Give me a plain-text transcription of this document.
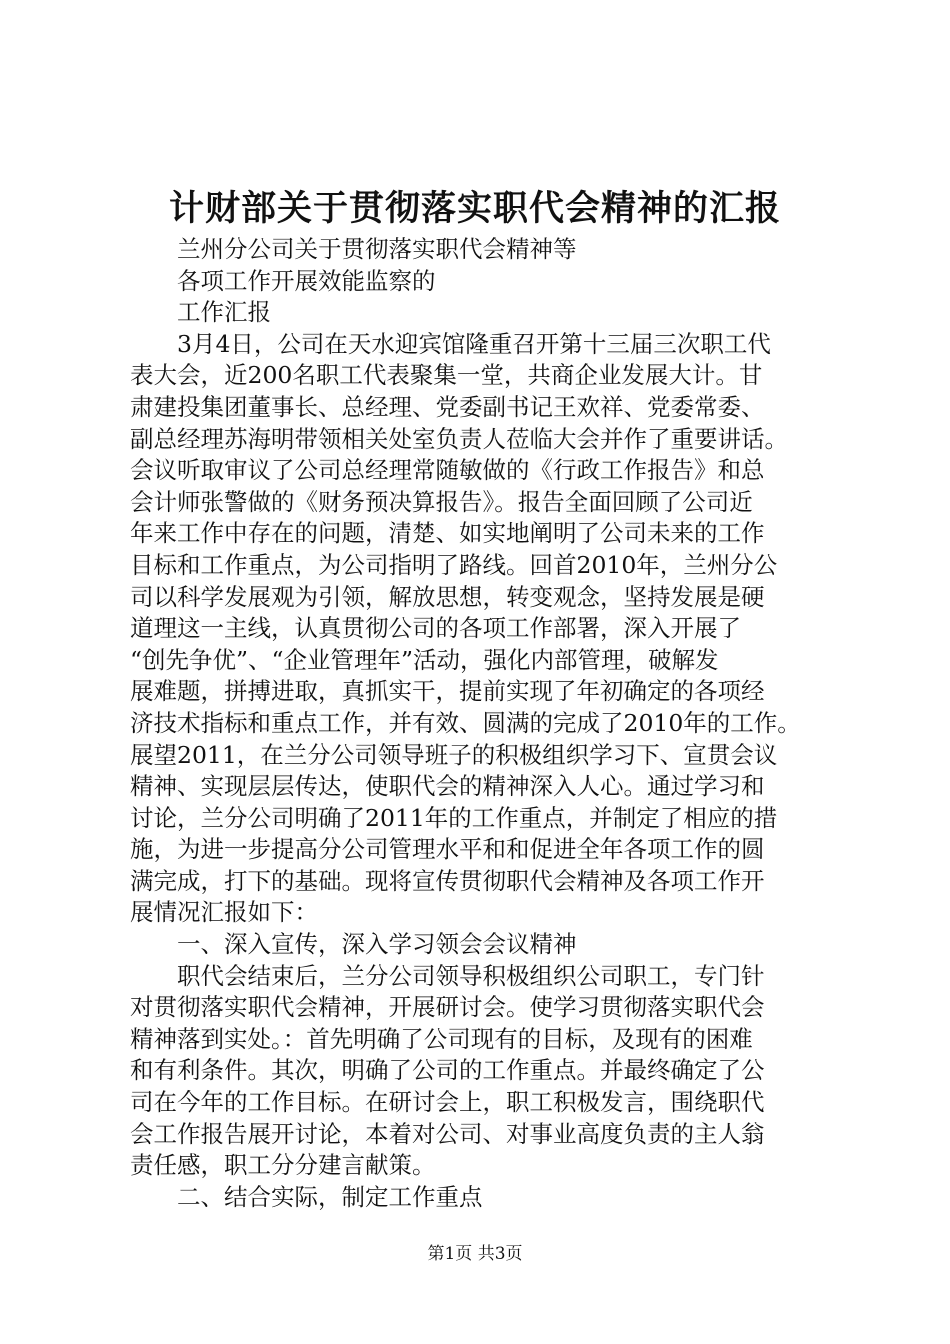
计财部关于贯彻落实职代会精神的汇报
兰州分公司关于贯彻落实职代会精神等
各项工作开展效能监察的
工作汇报
3月4日，公司在天水迎宾馆隆重召开第十三届三次职工代
表大会，近200名职工代表聚集一堂，共商企业发展大计。甘
肃建投集团董事长、总经理、党委副书记王欢祥、党委常委、
副总经理苏海明带领相关处室负责人莅临大会并作了重要讲话。
会议听取审议了公司总经理常随敏做的《行政工作报告》和总
会计师张警做的《财务预决算报告》。报告全面回顾了公司近
年来工作中存在的问题，清楚、如实地阐明了公司未来的工作
目标和工作重点，为公司指明了路线。回首2010年，兰州分公
司以科学发展观为引领，解放思想，转变观念，坚持发展是硬
道理这一主线，认真贯彻公司的各项工作部署，深入开展了
“创先争优”、“企业管理年”活动，强化内部管理，破解发
展难题，拼搏进取，真抓实干，提前实现了年初确定的各项经
济技术指标和重点工作，并有效、圆满的完成了2010年的工作。
展望2011，在兰分公司领导班子的积极组织学习下、宣贯会议
精神、实现层层传达，使职代会的精神深入人心。通过学习和
讨论，兰分公司明确了2011年的工作重点，并制定了相应的措
施，为进一步提高分公司管理水平和和促进全年各项工作的圆
满完成，打下的基础。现将宣传贯彻职代会精神及各项工作开
展情况汇报如下：
一、深入宣传，深入学习领会会议精神
职代会结束后，兰分公司领导积极组织公司职工，专门针
对贯彻落实职代会精神，开展研讨会。使学习贯彻落实职代会
精神落到实处。：首先明确了公司现有的目标，及现有的困难
和有利条件。其次，明确了公司的工作重点。并最终确定了公
司在今年的工作目标。在研讨会上，职工积极发言，围绕职代
会工作报告展开讨论，本着对公司、对事业高度负责的主人翁
责任感，职工分分建言献策。
二、结合实际，制定工作重点
第1页 共3页
